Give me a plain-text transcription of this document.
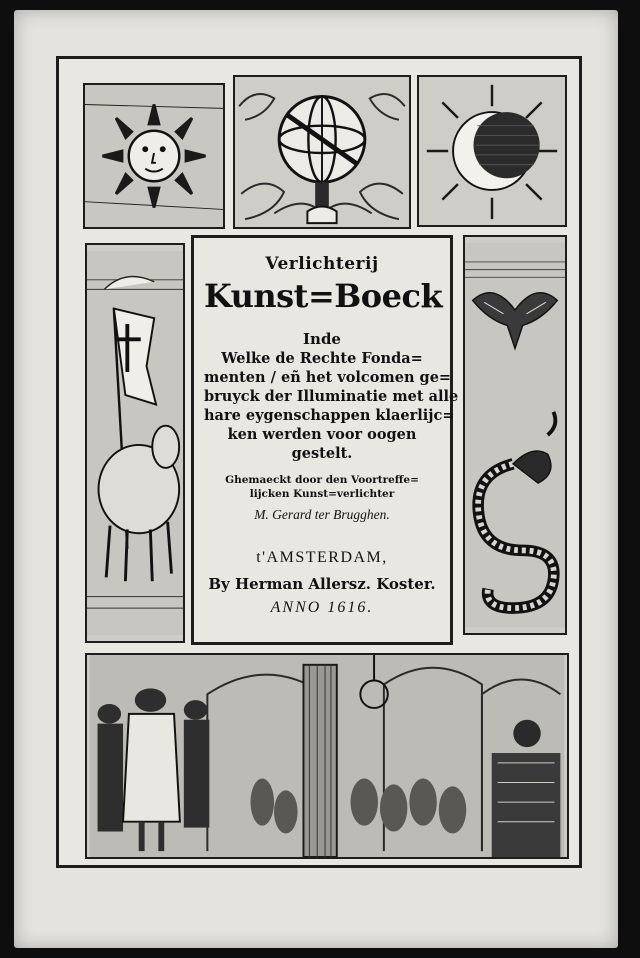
Verlichterij
Kunst=Boeck
Inde
Welke de Rechte Fonda=
menten / eñ het volcomen ge=
bruyck der Illuminatie met alle
hare eygenschappen klaerlijc=
ken werden voor oogen
gestelt.
Ghemaeckt door den Voortreffe=
lijcken Kunst=verlichter
M. Gerard ter Brugghen.
t'AMSTERDAM,
By Herman Allersz. Koster.
ANNO 1616.
